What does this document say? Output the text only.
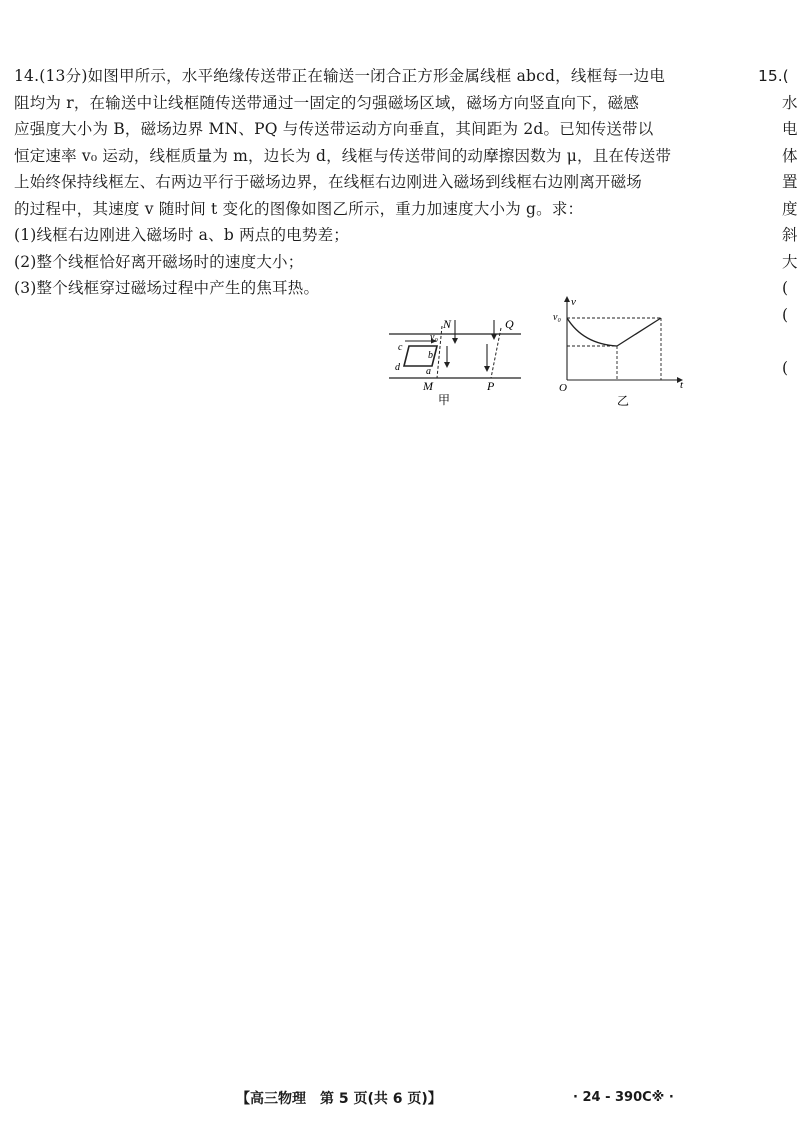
14.(13分)如图甲所示，水平绝缘传送带正在输送一闭合正方形金属线框 abcd，线框每一边电
阻均为 r，在输送中让线框随传送带通过一固定的匀强磁场区域，磁场方向竖直向下，磁感
应强度大小为 B，磁场边界 MN、PQ 与传送带运动方向垂直，其间距为 2d。已知传送带以
恒定速率 v₀ 运动，线框质量为 m，边长为 d，线框与传送带间的动摩擦因数为 μ，且在传送带
上始终保持线框左、右两边平行于磁场边界，在线框右边刚进入磁场到线框右边刚离开磁场
的过程中，其速度 v 随时间 t 变化的图像如图乙所示，重力加速度大小为 g。求：
(1)线框右边刚进入磁场时 a、b 两点的电势差；
(2)整个线框恰好离开磁场时的速度大小；
(3)整个线框穿过磁场过程中产生的焦耳热。
15.(
水
电
体
置
度
斜
大
(
(
(
N	Q
M	P
c
b
a
d
v₀
甲
v
v₀
t
O
乙
【高三物理　第 5 页(共 6 页)】	· 24 - 390C※ ·
